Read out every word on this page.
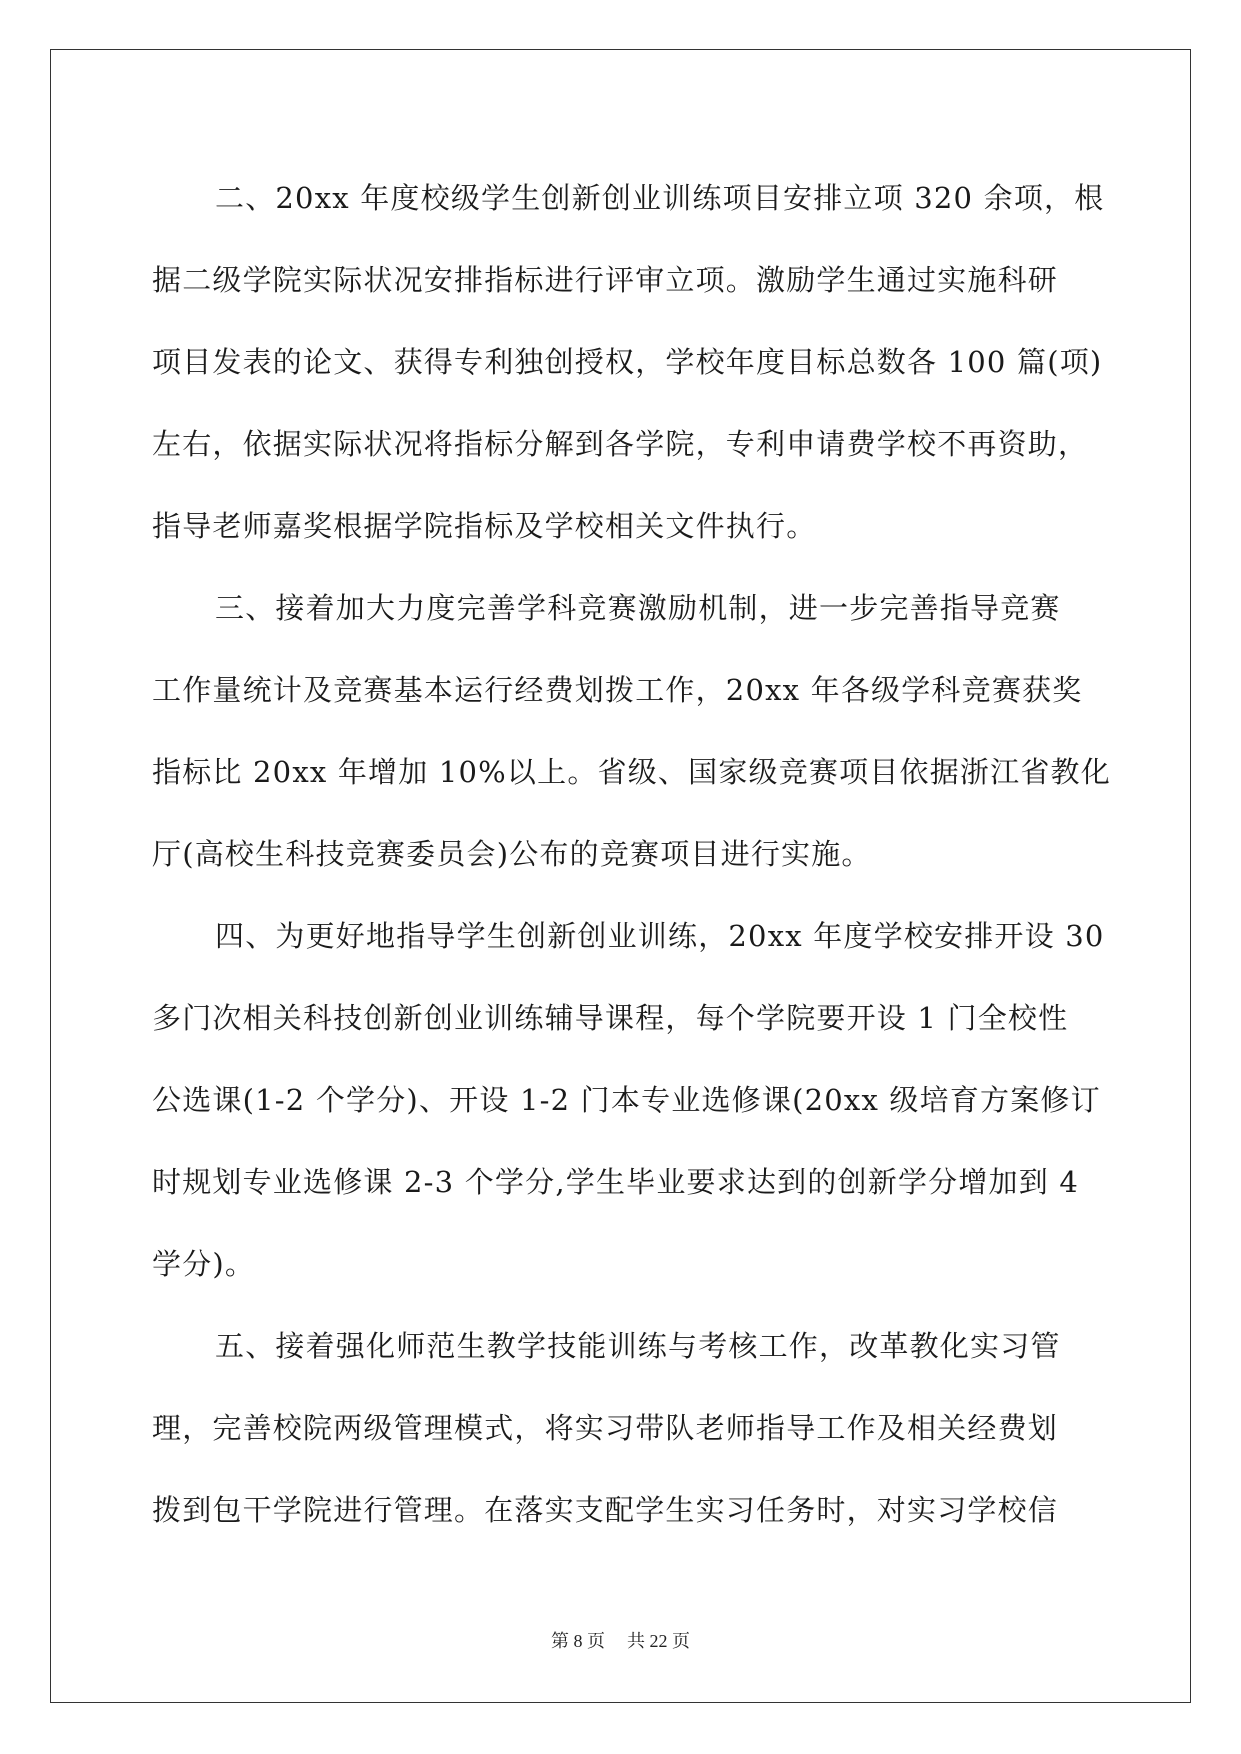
二、20xx 年度校级学生创新创业训练项目安排立项 320 余项，根
据二级学院实际状况安排指标进行评审立项。激励学生通过实施科研
项目发表的论文、获得专利独创授权，学校年度目标总数各 100 篇(项)
左右，依据实际状况将指标分解到各学院，专利申请费学校不再资助，
指导老师嘉奖根据学院指标及学校相关文件执行。
三、接着加大力度完善学科竞赛激励机制，进一步完善指导竞赛
工作量统计及竞赛基本运行经费划拨工作，20xx 年各级学科竞赛获奖
指标比 20xx 年增加 10%以上。省级、国家级竞赛项目依据浙江省教化
厅(高校生科技竞赛委员会)公布的竞赛项目进行实施。
四、为更好地指导学生创新创业训练，20xx 年度学校安排开设 30
多门次相关科技创新创业训练辅导课程，每个学院要开设 1 门全校性
公选课(1-2 个学分)、开设 1-2 门本专业选修课(20xx 级培育方案修订
时规划专业选修课 2-3 个学分,学生毕业要求达到的创新学分增加到 4
学分)。
五、接着强化师范生教学技能训练与考核工作，改革教化实习管
理，完善校院两级管理模式，将实习带队老师指导工作及相关经费划
拨到包干学院进行管理。在落实支配学生实习任务时，对实习学校信
第 8 页 共 22 页
